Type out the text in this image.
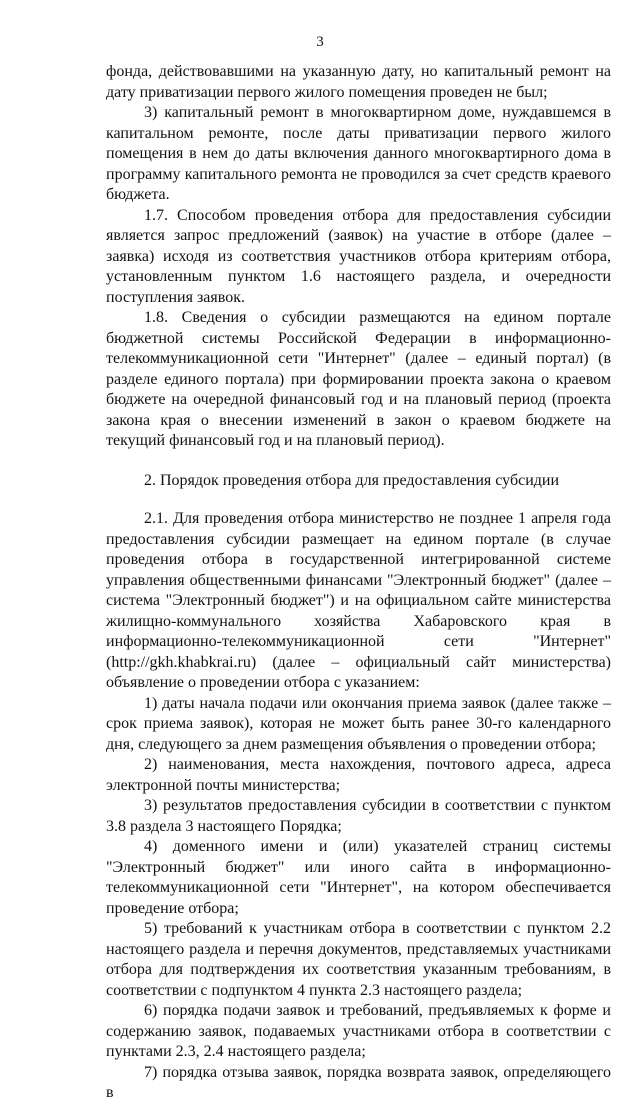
3

фонда, действовавшими на указанную дату, но капитальный ремонт на дату приватизации первого жилого помещения проведен не был;

3) капитальный ремонт в многоквартирном доме, нуждавшемся в капитальном ремонте, после даты приватизации первого жилого помещения в нем до даты включения данного многоквартирного дома в программу капитального ремонта не проводился за счет средств краевого бюджета.

1.7. Способом проведения отбора для предоставления субсидии является запрос предложений (заявок) на участие в отборе (далее – заявка) исходя из соответствия участников отбора критериям отбора, установленным пунктом 1.6 настоящего раздела, и очередности поступления заявок.

1.8. Сведения о субсидии размещаются на едином портале бюджетной системы Российской Федерации в информационно-телекоммуникационной сети "Интернет" (далее – единый портал) (в разделе единого портала) при формировании проекта закона о краевом бюджете на очередной финансовый год и на плановый период (проекта закона края о внесении изменений в закон о краевом бюджете на текущий финансовый год и на плановый период).

2. Порядок проведения отбора для предоставления субсидии

2.1. Для проведения отбора министерство не позднее 1 апреля года предоставления субсидии размещает на едином портале (в случае проведения отбора в государственной интегрированной системе управления общественными финансами "Электронный бюджет" (далее – система "Электронный бюджет") и на официальном сайте министерства жилищно-коммунального хозяйства Хабаровского края в информационно-телекоммуникационной сети "Интернет" (http://gkh.khabkrai.ru) (далее – официальный сайт министерства) объявление о проведении отбора с указанием:

1) даты начала подачи или окончания приема заявок (далее также – срок приема заявок), которая не может быть ранее 30-го календарного дня, следующего за днем размещения объявления о проведении отбора;

2) наименования, места нахождения, почтового адреса, адреса электронной почты министерства;

3) результатов предоставления субсидии в соответствии с пунктом 3.8 раздела 3 настоящего Порядка;

4) доменного имени и (или) указателей страниц системы "Электронный бюджет" или иного сайта в информационно-телекоммуникационной сети "Интернет", на котором обеспечивается проведение отбора;

5) требований к участникам отбора в соответствии с пунктом 2.2 настоящего раздела и перечня документов, представляемых участниками отбора для подтверждения их соответствия указанным требованиям, в соответствии с подпунктом 4 пункта 2.3 настоящего раздела;

6) порядка подачи заявок и требований, предъявляемых к форме и содержанию заявок, подаваемых участниками отбора в соответствии с пунктами 2.3, 2.4 настоящего раздела;

7) порядка отзыва заявок, порядка возврата заявок, определяющего в
